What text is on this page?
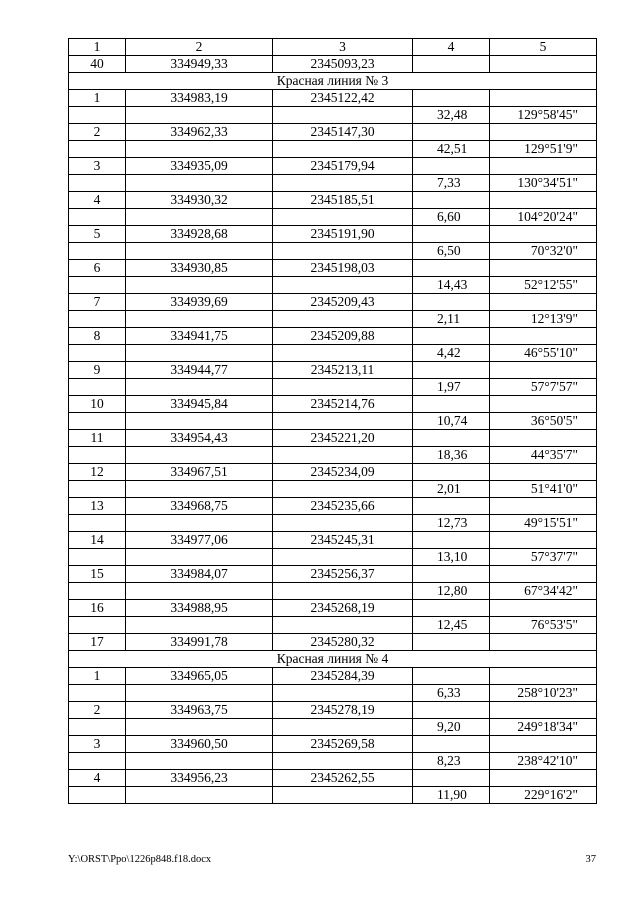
1	2	3	4	5
40	334949,33	2345093,23		
Красная линия № 3				
1	334983,19	2345122,42		
			32,48	129°58'45"
2	334962,33	2345147,30		
			42,51	129°51'9"
3	334935,09	2345179,94		
			7,33	130°34'51"
4	334930,32	2345185,51		
			6,60	104°20'24"
5	334928,68	2345191,90		
			6,50	70°32'0"
6	334930,85	2345198,03		
			14,43	52°12'55"
7	334939,69	2345209,43		
			2,11	12°13'9"
8	334941,75	2345209,88		
			4,42	46°55'10"
9	334944,77	2345213,11		
			1,97	57°7'57"
10	334945,84	2345214,76		
			10,74	36°50'5"
11	334954,43	2345221,20		
			18,36	44°35'7"
12	334967,51	2345234,09		
			2,01	51°41'0"
13	334968,75	2345235,66		
			12,73	49°15'51"
14	334977,06	2345245,31		
			13,10	57°37'7"
15	334984,07	2345256,37		
			12,80	67°34'42"
16	334988,95	2345268,19		
			12,45	76°53'5"
17	334991,78	2345280,32		
Красная линия № 4				
1	334965,05	2345284,39		
			6,33	258°10'23"
2	334963,75	2345278,19		
			9,20	249°18'34"
3	334960,50	2345269,58		
			8,23	238°42'10"
4	334956,23	2345262,55		
			11,90	229°16'2"
Y:\ORST\Ppo\1226p848.f18.docx	37
